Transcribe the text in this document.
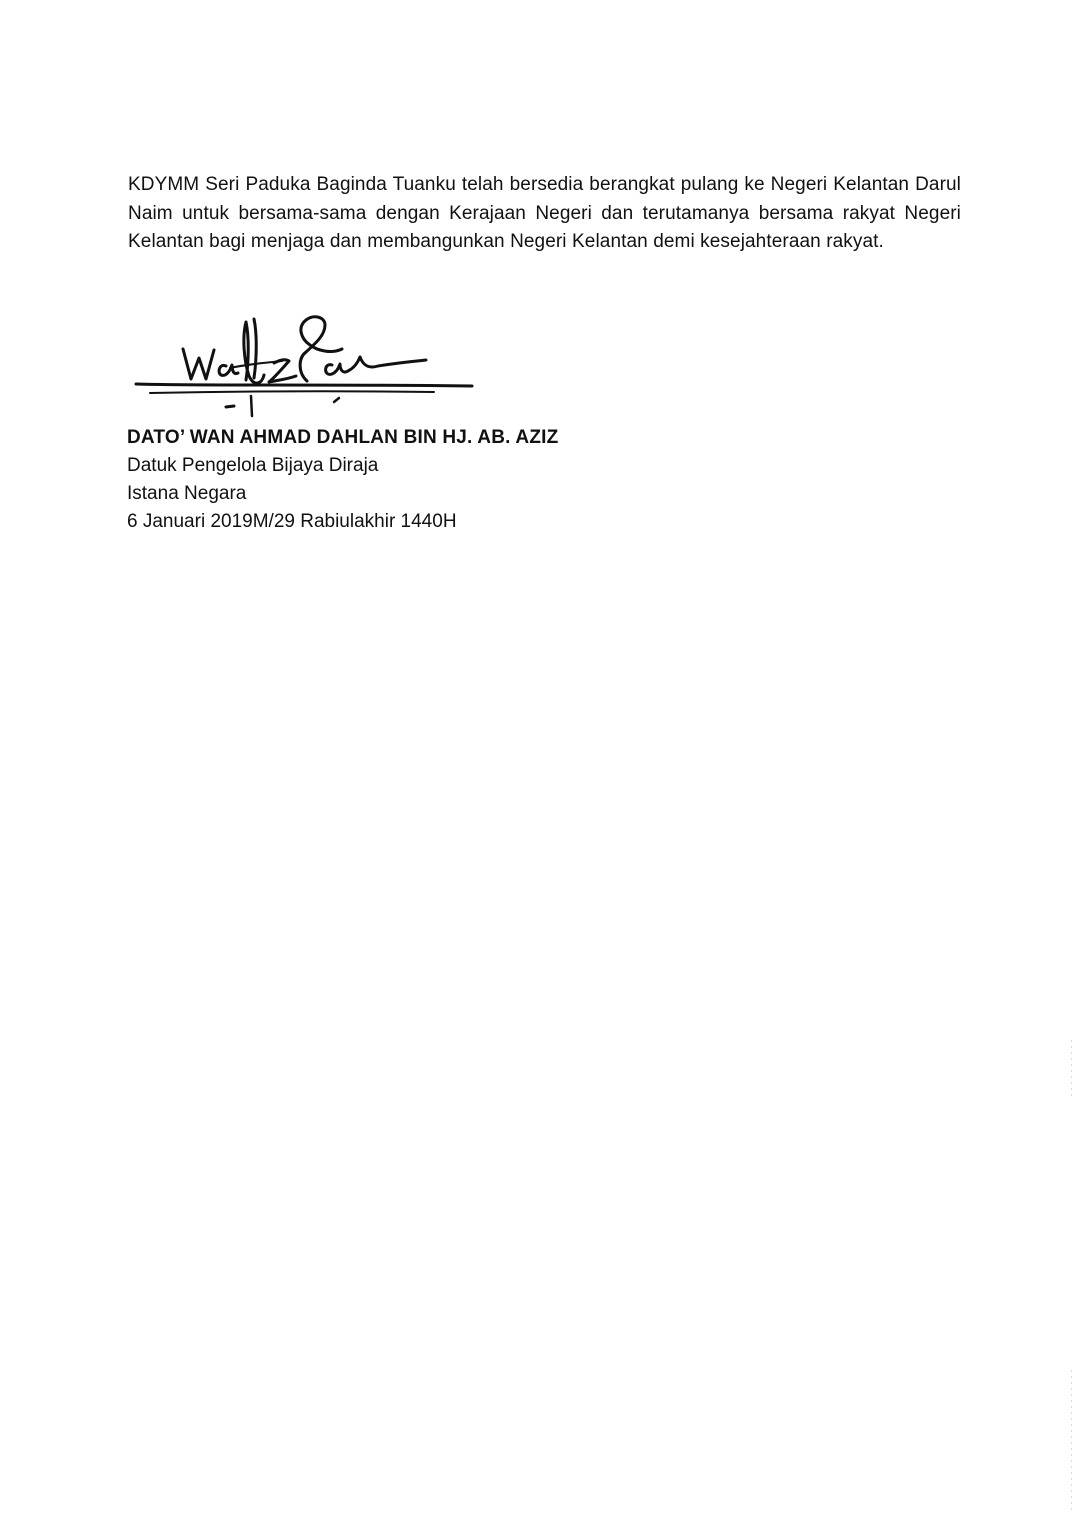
KDYMM Seri Paduka Baginda Tuanku telah bersedia berangkat pulang ke Negeri Kelantan Darul Naim untuk bersama-sama dengan Kerajaan Negeri dan terutamanya bersama rakyat Negeri Kelantan bagi menjaga dan membangunkan Negeri Kelantan demi kesejahteraan rakyat.

DATO’ WAN AHMAD DAHLAN BIN HJ. AB. AZIZ
Datuk Pengelola Bijaya Diraja
Istana Negara
6 Januari 2019M/29 Rabiulakhir 1440H
